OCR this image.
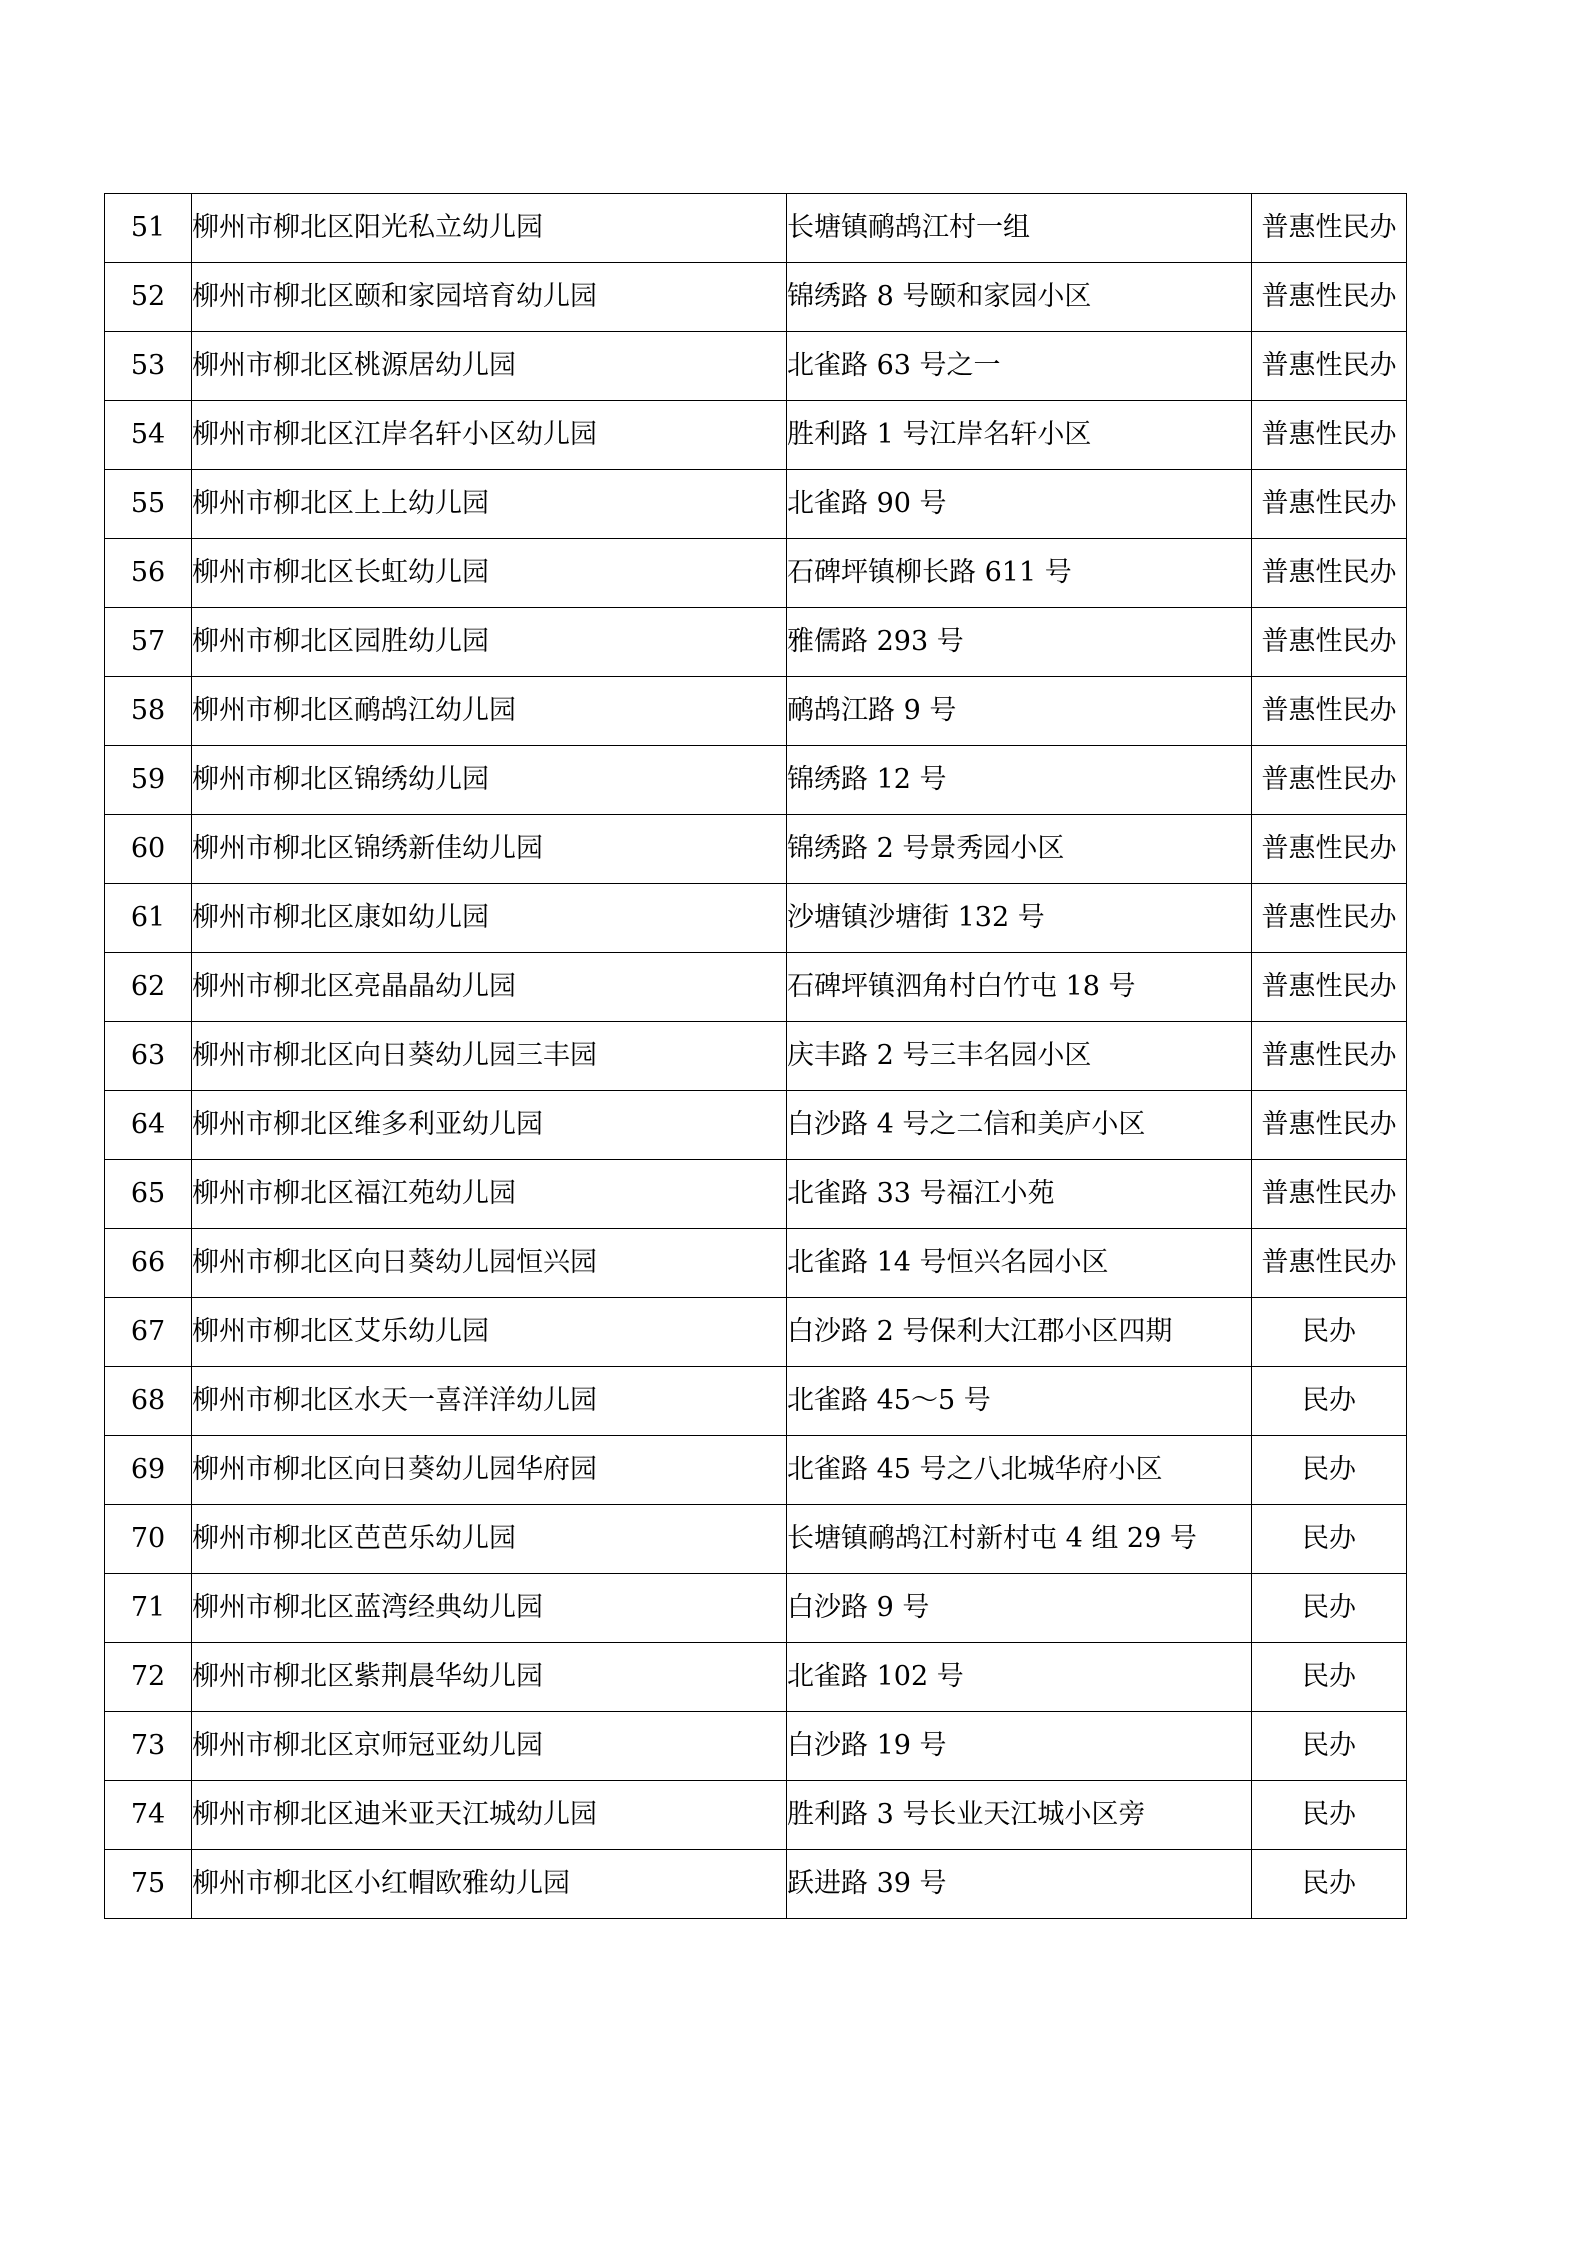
51	柳州市柳北区阳光私立幼儿园	长塘镇鸸鸪江村一组	普惠性民办
52	柳州市柳北区颐和家园培育幼儿园	锦绣路 8 号颐和家园小区	普惠性民办
53	柳州市柳北区桃源居幼儿园	北雀路 63 号之一	普惠性民办
54	柳州市柳北区江岸名轩小区幼儿园	胜利路 1 号江岸名轩小区	普惠性民办
55	柳州市柳北区上上幼儿园	北雀路 90 号	普惠性民办
56	柳州市柳北区长虹幼儿园	石碑坪镇柳长路 611 号	普惠性民办
57	柳州市柳北区园胜幼儿园	雅儒路 293 号	普惠性民办
58	柳州市柳北区鸸鸪江幼儿园	鸸鸪江路 9 号	普惠性民办
59	柳州市柳北区锦绣幼儿园	锦绣路 12 号	普惠性民办
60	柳州市柳北区锦绣新佳幼儿园	锦绣路 2 号景秀园小区	普惠性民办
61	柳州市柳北区康如幼儿园	沙塘镇沙塘街 132 号	普惠性民办
62	柳州市柳北区亮晶晶幼儿园	石碑坪镇泗角村白竹屯 18 号	普惠性民办
63	柳州市柳北区向日葵幼儿园三丰园	庆丰路 2 号三丰名园小区	普惠性民办
64	柳州市柳北区维多利亚幼儿园	白沙路 4 号之二信和美庐小区	普惠性民办
65	柳州市柳北区福江苑幼儿园	北雀路 33 号福江小苑	普惠性民办
66	柳州市柳北区向日葵幼儿园恒兴园	北雀路 14 号恒兴名园小区	普惠性民办
67	柳州市柳北区艾乐幼儿园	白沙路 2 号保利大江郡小区四期	民办
68	柳州市柳北区水天一喜洋洋幼儿园	北雀路 45～5 号	民办
69	柳州市柳北区向日葵幼儿园华府园	北雀路 45 号之八北城华府小区	民办
70	柳州市柳北区芭芭乐幼儿园	长塘镇鸸鸪江村新村屯 4 组 29 号	民办
71	柳州市柳北区蓝湾经典幼儿园	白沙路 9 号	民办
72	柳州市柳北区紫荆晨华幼儿园	北雀路 102 号	民办
73	柳州市柳北区京师冠亚幼儿园	白沙路 19 号	民办
74	柳州市柳北区迪米亚天江城幼儿园	胜利路 3 号长业天江城小区旁	民办
75	柳州市柳北区小红帽欧雅幼儿园	跃进路 39 号	民办
